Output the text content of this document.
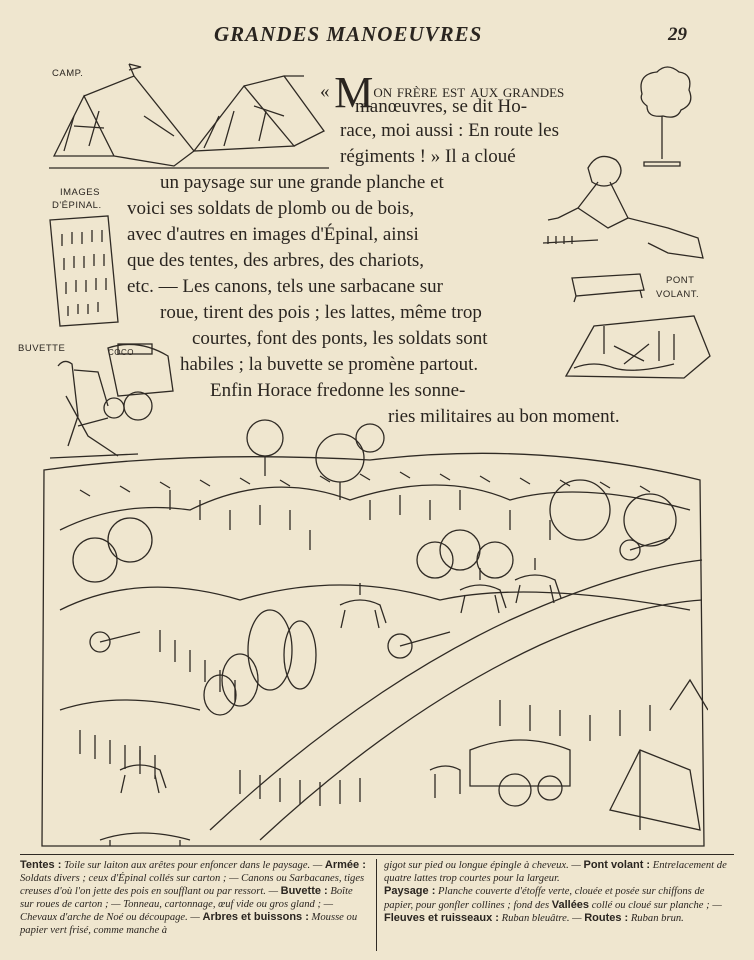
GRANDES MANOEUVRES	29
CAMP.
« Mon frère est aux grandes
manœuvres, se dit Ho-
race, moi aussi : En route les
régiments ! » Il a cloué
un paysage sur une grande planche et
voici ses soldats de plomb ou de bois,
avec d'autres en images d'Épinal, ainsi
que des tentes, des arbres, des chariots,
etc. — Les canons, tels une sarbacane sur
roue, tirent des pois ; les lattes, même trop
courtes, font des ponts, les soldats sont
habiles ; la buvette se promène partout.
Enfin Horace fredonne les sonne-
ries militaires au bon moment.
IMAGES
D'ÉPINAL.
PONT
VOLANT.
BUVETTE	COCO
Tentes : Toile sur laiton aux arêtes pour enfoncer dans le paysage. — Armée : Soldats divers ; ceux d'Épinal collés sur carton ; — Canons ou Sarbacanes, tiges creuses d'où l'on jette des pois en soufflant ou par ressort. — Buvette : Boîte sur roues de carton ; — Tonneau, cartonnage, œuf vide ou gros gland ; — Chevaux d'arche de Noé ou découpage. — Arbres et buissons : Mousse ou papier vert frisé, comme manche à
gigot sur pied ou longue épingle à cheveux. — Pont volant : Entrelacement de quatre lattes trop courtes pour la largeur.
Paysage : Planche couverte d'étoffe verte, clouée et posée sur chiffons de papier, pour gonfler collines ; fond des Vallées collé ou cloué sur planche ; — Fleuves et ruisseaux : Ruban bleuâtre. — Routes : Ruban brun.
